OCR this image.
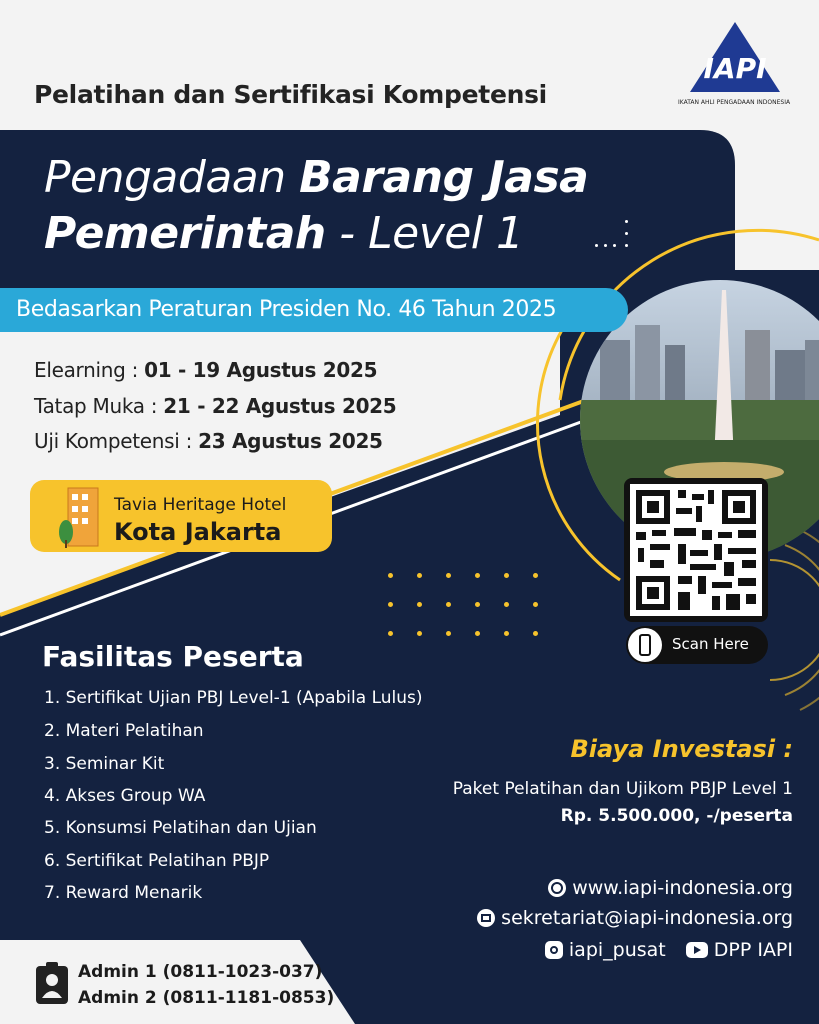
IAPI
IKATAN AHLI PENGADAAN INDONESIA
Pelatihan dan Sertifikasi Kompetensi
Pengadaan Barang Jasa
Pemerintah - Level 1
Bedasarkan Peraturan Presiden No. 46 Tahun 2025
Elearning : 01 - 19 Agustus 2025
Tatap Muka : 21 - 22 Agustus 2025
Uji Kompetensi : 23 Agustus 2025
Tavia Heritage Hotel
Kota Jakarta
Scan Here
Fasilitas Peserta
1. Sertifikat Ujian PBJ Level-1 (Apabila Lulus)
2. Materi Pelatihan
3. Seminar Kit
4. Akses Group WA
5. Konsumsi Pelatihan dan Ujian
6. Sertifikat Pelatihan PBJP
7. Reward Menarik
Biaya Investasi :
Paket Pelatihan dan Ujikom PBJP Level 1
Rp. 5.500.000, -/peserta
www.iapi-indonesia.org
sekretariat@iapi-indonesia.org
iapi_pusat	DPP IAPI
Admin 1 (0811-1023-037)
Admin 2 (0811-1181-0853)
